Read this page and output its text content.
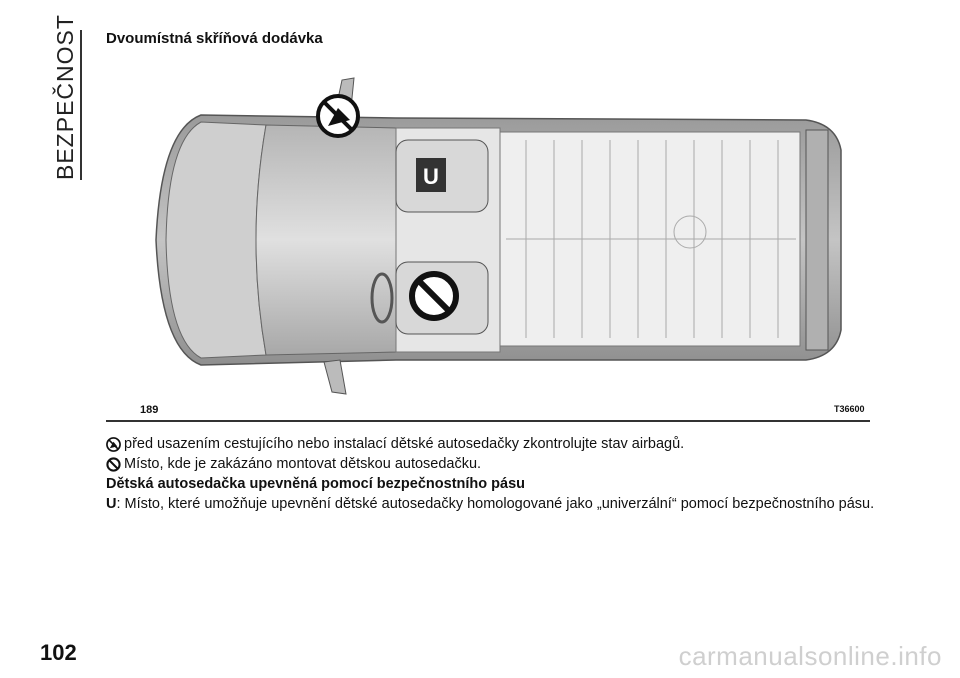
BEZPEČNOST Dvoumístná skříňová dodávka
U
189	T36600
před usazením cestujícího nebo instalací dětské autosedačky zkontrolujte stav airbagů.
Místo, kde je zakázáno montovat dětskou autosedačku.
Dětská autosedačka upevněná pomocí bezpečnostního pásu
U : Místo, které umožňuje upevnění dětské autosedačky homologované jako „univerzální“ pomocí bezpečnostního pásu.
102	carmanualsonline.info
